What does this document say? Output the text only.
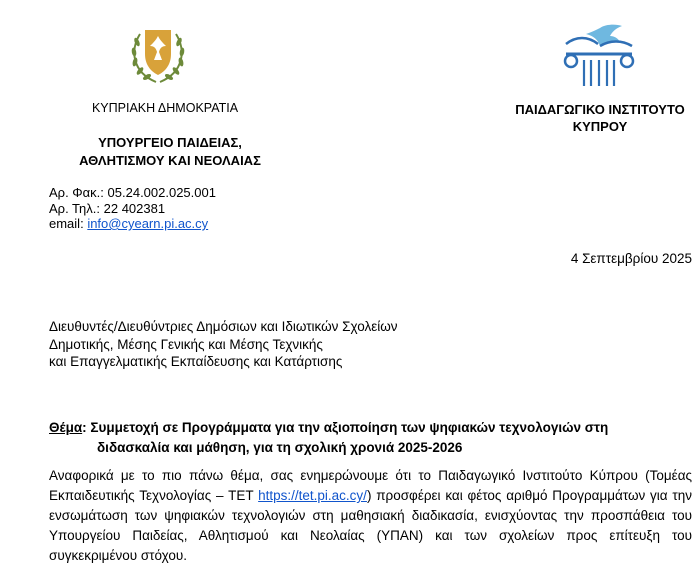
ΚΥΠΡΙΑΚΗ ΔΗΜΟΚΡΑΤΙΑ
ΥΠΟΥΡΓΕΙΟ ΠΑΙΔΕΙΑΣ,
ΑΘΛΗΤΙΣΜΟΥ ΚΑΙ ΝΕΟΛΑΙΑΣ
ΠΑΙΔΑΓΩΓΙΚΟ ΙΝΣΤΙΤΟΥΤΟ
ΚΥΠΡΟΥ
Αρ. Φακ.: 05.24.002.025.001
Αρ. Τηλ.: 22 402381
email: info@cyearn.pi.ac.cy
4 Σεπτεμβρίου 2025
Διευθυντές/Διευθύντριες Δημόσιων και Ιδιωτικών Σχολείων
Δημοτικής, Μέσης Γενικής και Μέσης Τεχνικής
και Επαγγελματικής Εκπαίδευσης και Κατάρτισης
Θέμα: Συμμετοχή σε Προγράμματα για την αξιοποίηση των ψηφιακών τεχνολογιών στη
διδασκαλία και μάθηση, για τη σχολική χρονιά 2025-2026
Αναφορικά με το πιο πάνω θέμα, σας ενημερώνουμε ότι το Παιδαγωγικό Ινστιτούτο Κύπρου (Τομέας Εκπαιδευτικής Τεχνολογίας – ΤΕΤ https://tet.pi.ac.cy/) προσφέρει και φέτος αριθμό Προγραμμάτων για την ενσωμάτωση των ψηφιακών τεχνολογιών στη μαθησιακή διαδικασία, ενισχύοντας την προσπάθεια του Υπουργείου Παιδείας, Αθλητισμού και Νεολαίας (ΥΠΑΝ) και των σχολείων προς επίτευξη του συγκεκριμένου στόχου.
